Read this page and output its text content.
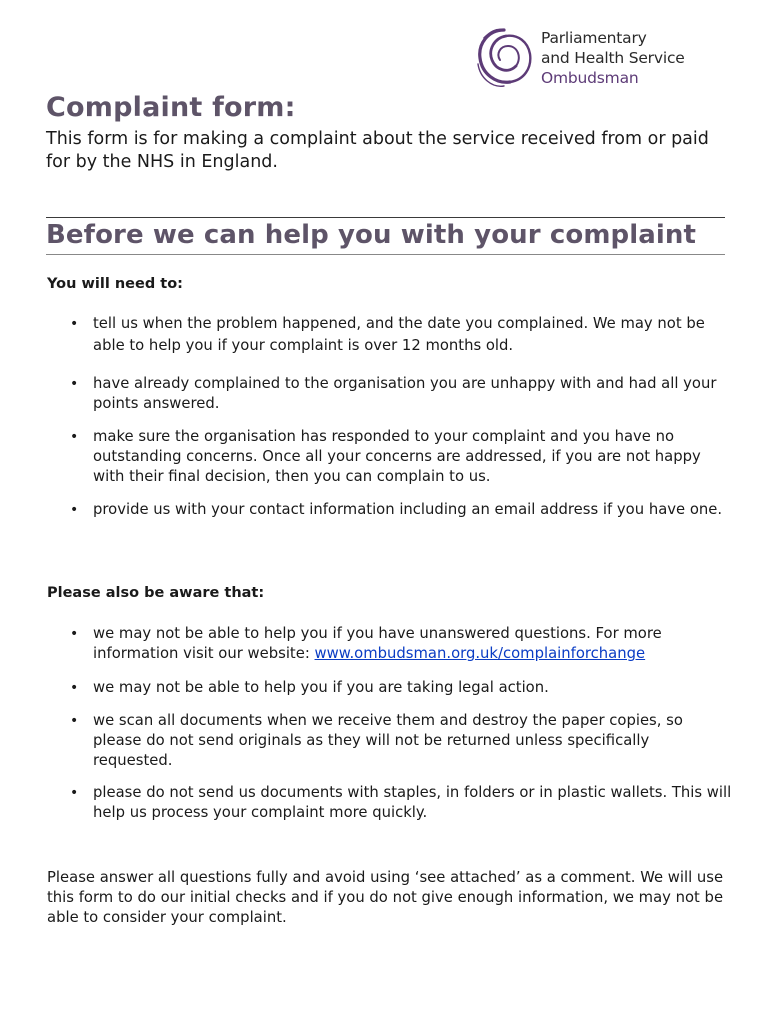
Parliamentary
and Health Service
Ombudsman
Complaint form:

This form is for making a complaint about the service received from or paid for by the NHS in England.

Before we can help you with your complaint

You will need to:

• tell us when the problem happened, and the date you complained. We may not be able to help you if your complaint is over 12 months old.
• have already complained to the organisation you are unhappy with and had all your points answered.
• make sure the organisation has responded to your complaint and you have no outstanding concerns. Once all your concerns are addressed, if you are not happy with their final decision, then you can complain to us.
• provide us with your contact information including an email address if you have one.

Please also be aware that:

• we may not be able to help you if you have unanswered questions. For more information visit our website: www.ombudsman.org.uk/complainforchange
• we may not be able to help you if you are taking legal action.
• we scan all documents when we receive them and destroy the paper copies, so please do not send originals as they will not be returned unless specifically requested.
• please do not send us documents with staples, in folders or in plastic wallets. This will help us process your complaint more quickly.

Please answer all questions fully and avoid using ‘see attached’ as a comment. We will use this form to do our initial checks and if you do not give enough information, we may not be able to consider your complaint.
